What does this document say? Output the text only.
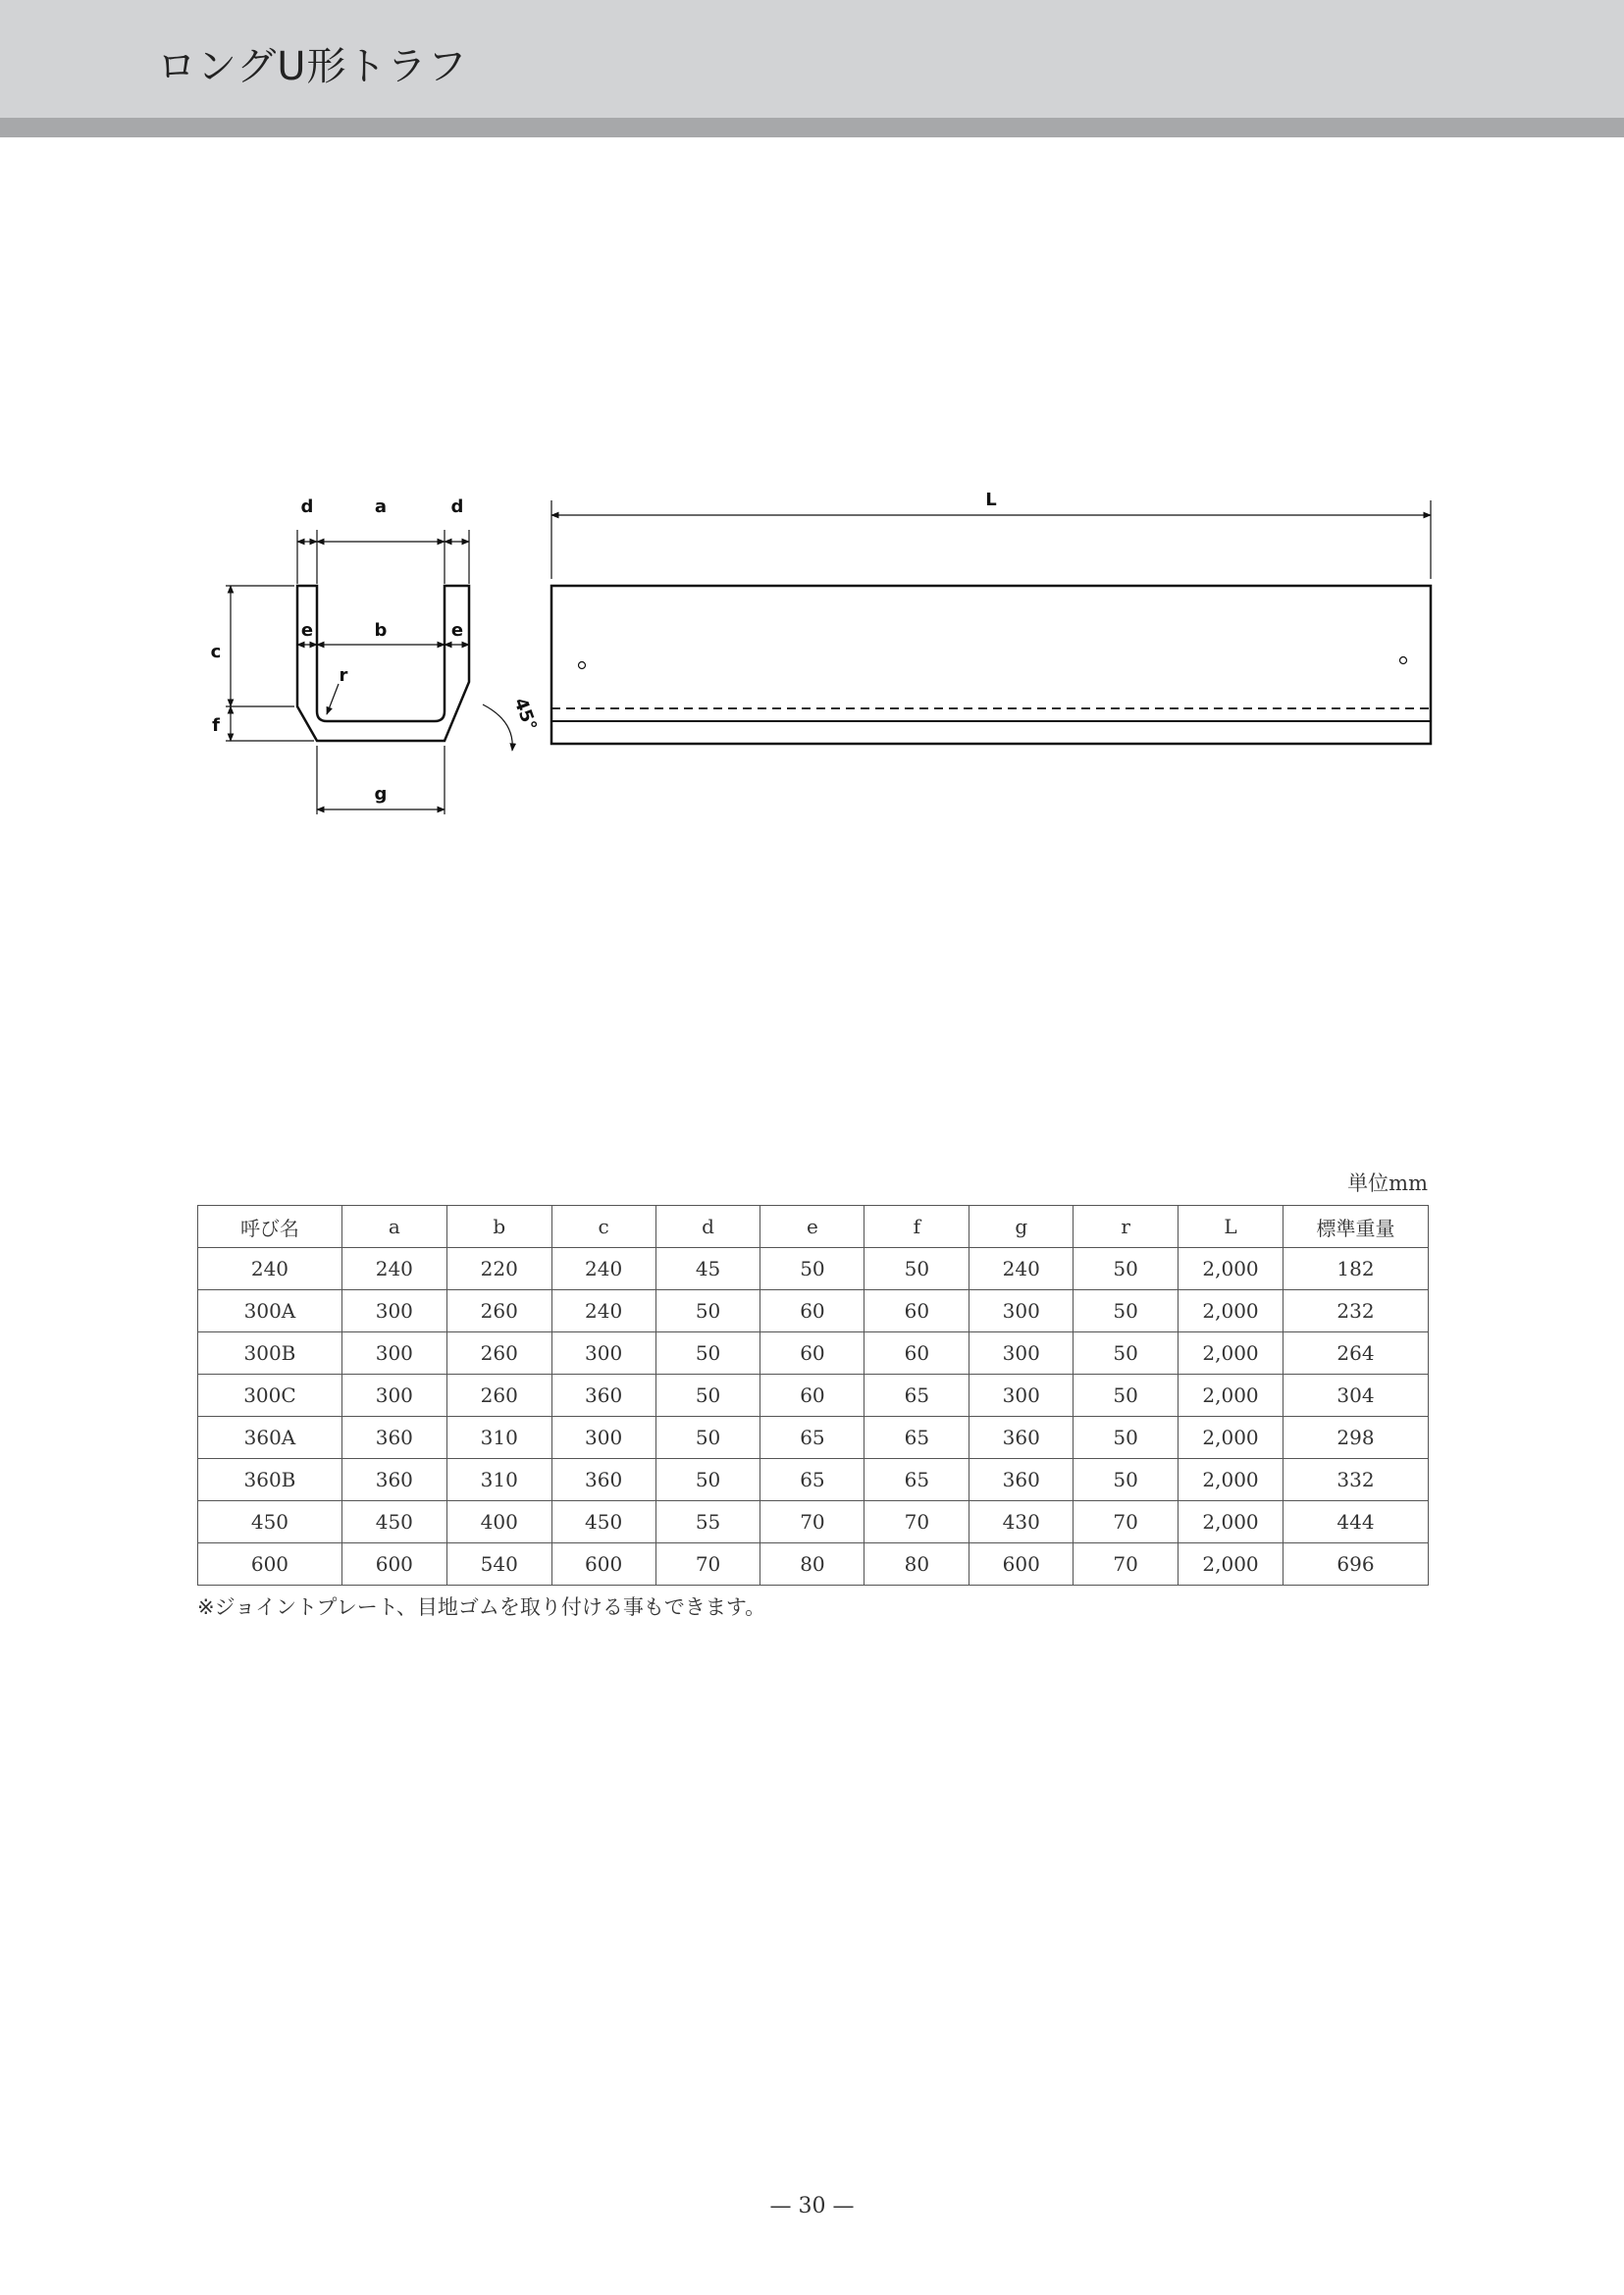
ロングU形トラフ
d	a	d
c
f
e	b	e
r
g
45°
L
単位mm
呼び名	a	b	c	d	e	f	g	r	L	標準重量
240	240	220	240	45	50	50	240	50	2,000	182
300A	300	260	240	50	60	60	300	50	2,000	232
300B	300	260	300	50	60	60	300	50	2,000	264
300C	300	260	360	50	60	65	300	50	2,000	304
360A	360	310	300	50	65	65	360	50	2,000	298
360B	360	310	360	50	65	65	360	50	2,000	332
450	450	400	450	55	70	70	430	70	2,000	444
600	600	540	600	70	80	80	600	70	2,000	696
※ジョイントプレート、目地ゴムを取り付ける事もできます。
— 30 —
